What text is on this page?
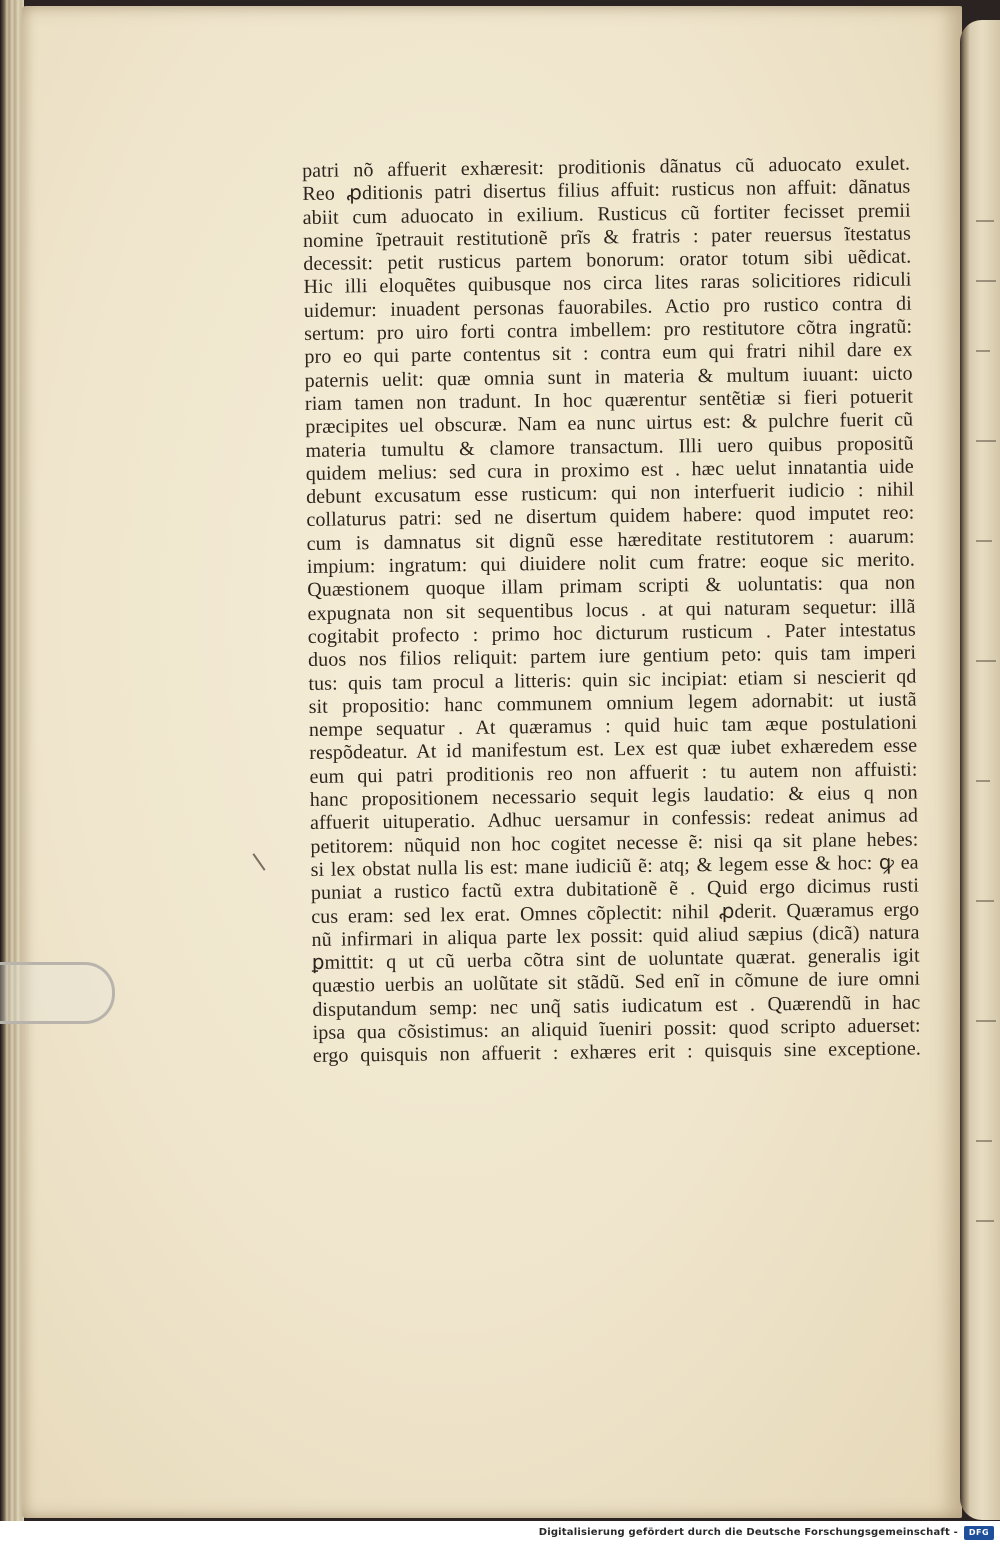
patri nõ affuerit exhæresit: proditionis dãnatus cũ aduocato exulet.
Reo ꝓditionis patri disertus filius affuit: rusticus non affuit: dãnatus
abiit cum aduocato in exilium. Rusticus cũ fortiter fecisset premii
nomine ĩpetrauit restitutionẽ prĩs & fratris : pater reuersus ĩtestatus
decessit: petit rusticus partem bonorum: orator totum sibi uẽdicat.
Hic illi eloquẽtes quibusque nos circa lites raras solicitiores ridiculi
uidemur: inuadent personas fauorabiles. Actio pro rustico contra di
sertum: pro uiro forti contra imbellem: pro restitutore cõtra ingratũ:
pro eo qui parte contentus sit : contra eum qui fratri nihil dare ex
paternis uelit: quæ omnia sunt in materia & multum iuuant: uicto
riam tamen non tradunt. In hoc quærentur sentẽtiæ si fieri potuerit
præcipites uel obscuræ. Nam ea nunc uirtus est: & pulchre fuerit cũ
materia tumultu & clamore transactum. Illi uero quibus propositũ
quidem melius: sed cura in proximo est . hæc uelut innatantia uide
debunt excusatum esse rusticum: qui non interfuerit iudicio : nihil
collaturus patri: sed ne disertum quidem habere: quod imputet reo:
cum is damnatus sit dignũ esse hæreditate restitutorem : auarum:
impium: ingratum: qui diuidere nolit cum fratre: eoque sic merito.
Quæstionem quoque illam primam scripti & uoluntatis: qua non
expugnata non sit sequentibus locus . at qui naturam sequetur: illã
cogitabit profecto : primo hoc dicturum rusticum . Pater intestatus
duos nos filios reliquit: partem iure gentium peto: quis tam imperi
tus: quis tam procul a litteris: quin sic incipiat: etiam si nescierit qd
sit propositio: hanc communem omnium legem adornabit: ut iustã
nempe sequatur . At quæramus : quid huic tam æque postulationi
respõdeatur. At id manifestum est. Lex est quæ iubet exhæredem esse
eum qui patri proditionis reo non affuerit : tu autem non affuisti:
hanc propositionem necessario sequit legis laudatio: & eius q non
affuerit uituperatio. Adhuc uersamur in confessis: redeat animus ad
petitorem: nũquid non hoc cogitet necesse ẽ: nisi qa sit plane hebes:
si lex obstat nulla lis est: mane iudiciũ ẽ: atq; & legem esse & hoc: ꝙ ea
puniat a rustico factũ extra dubitationẽ ẽ . Quid ergo dicimus rusti
cus eram: sed lex erat. Omnes cõplectit: nihil ꝓderit. Quæramus ergo
nũ infirmari in aliqua parte lex possit: quid aliud sæpius (dicã) natura
ꝑmittit: q ut cũ uerba cõtra sint de uoluntate quærat. generalis igit
quæstio uerbis an uolũtate sit stãdũ. Sed enĩ in cõmune de iure omni
disputandum semp: nec unq̃ satis iudicatum est . Quærendũ in hac
ipsa qua cõsistimus: an aliquid ĩueniri possit: quod scripto aduerset:
ergo quisquis non affuerit : exhæres erit : quisquis sine exceptione.
Digitalisierung gefördert durch die Deutsche Forschungsgemeinschaft -	DFG
